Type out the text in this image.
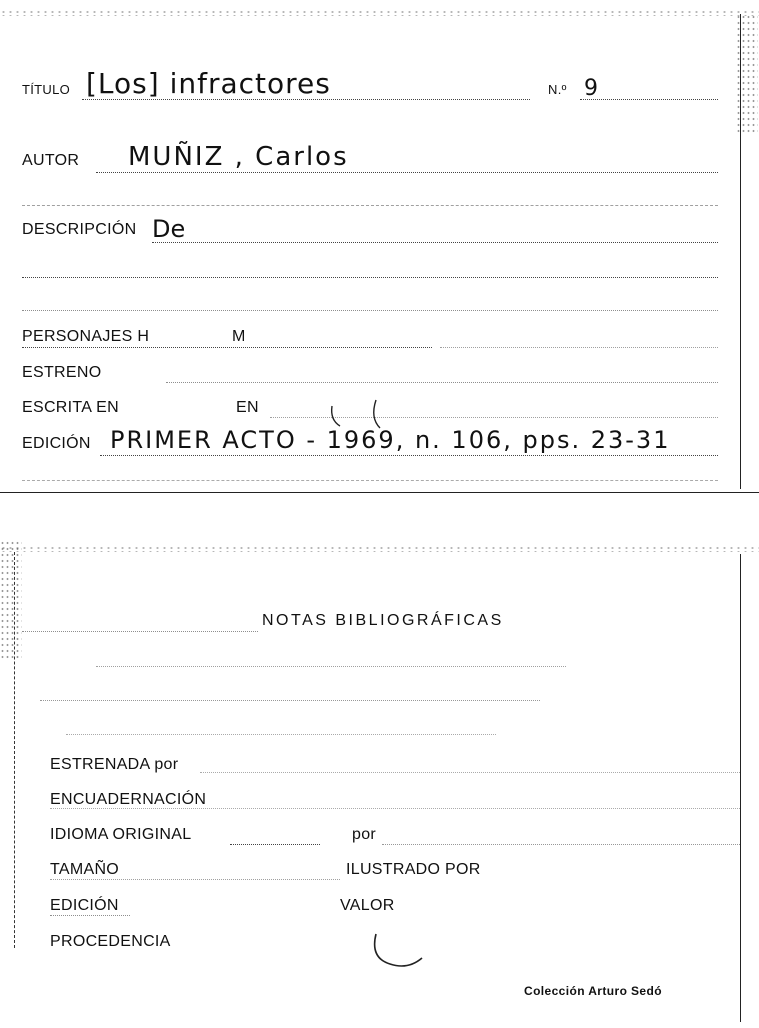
TÍTULO [Los] infractores	N.º 9
AUTOR MUÑIZ , Carlos
DESCRIPCIÓN De
PERSONAJES H	M
ESTRENO
ESCRITA EN	EN
EDICIÓN PRIMER ACTO - 1969, n. 106, pps. 23-31
NOTAS BIBLIOGRÁFICAS
ESTRENADA por
ENCUADERNACIÓN
IDIOMA ORIGINAL	por
TAMAÑO	ILUSTRADO POR
EDICIÓN	VALOR
PROCEDENCIA
Colección Arturo Sedó
